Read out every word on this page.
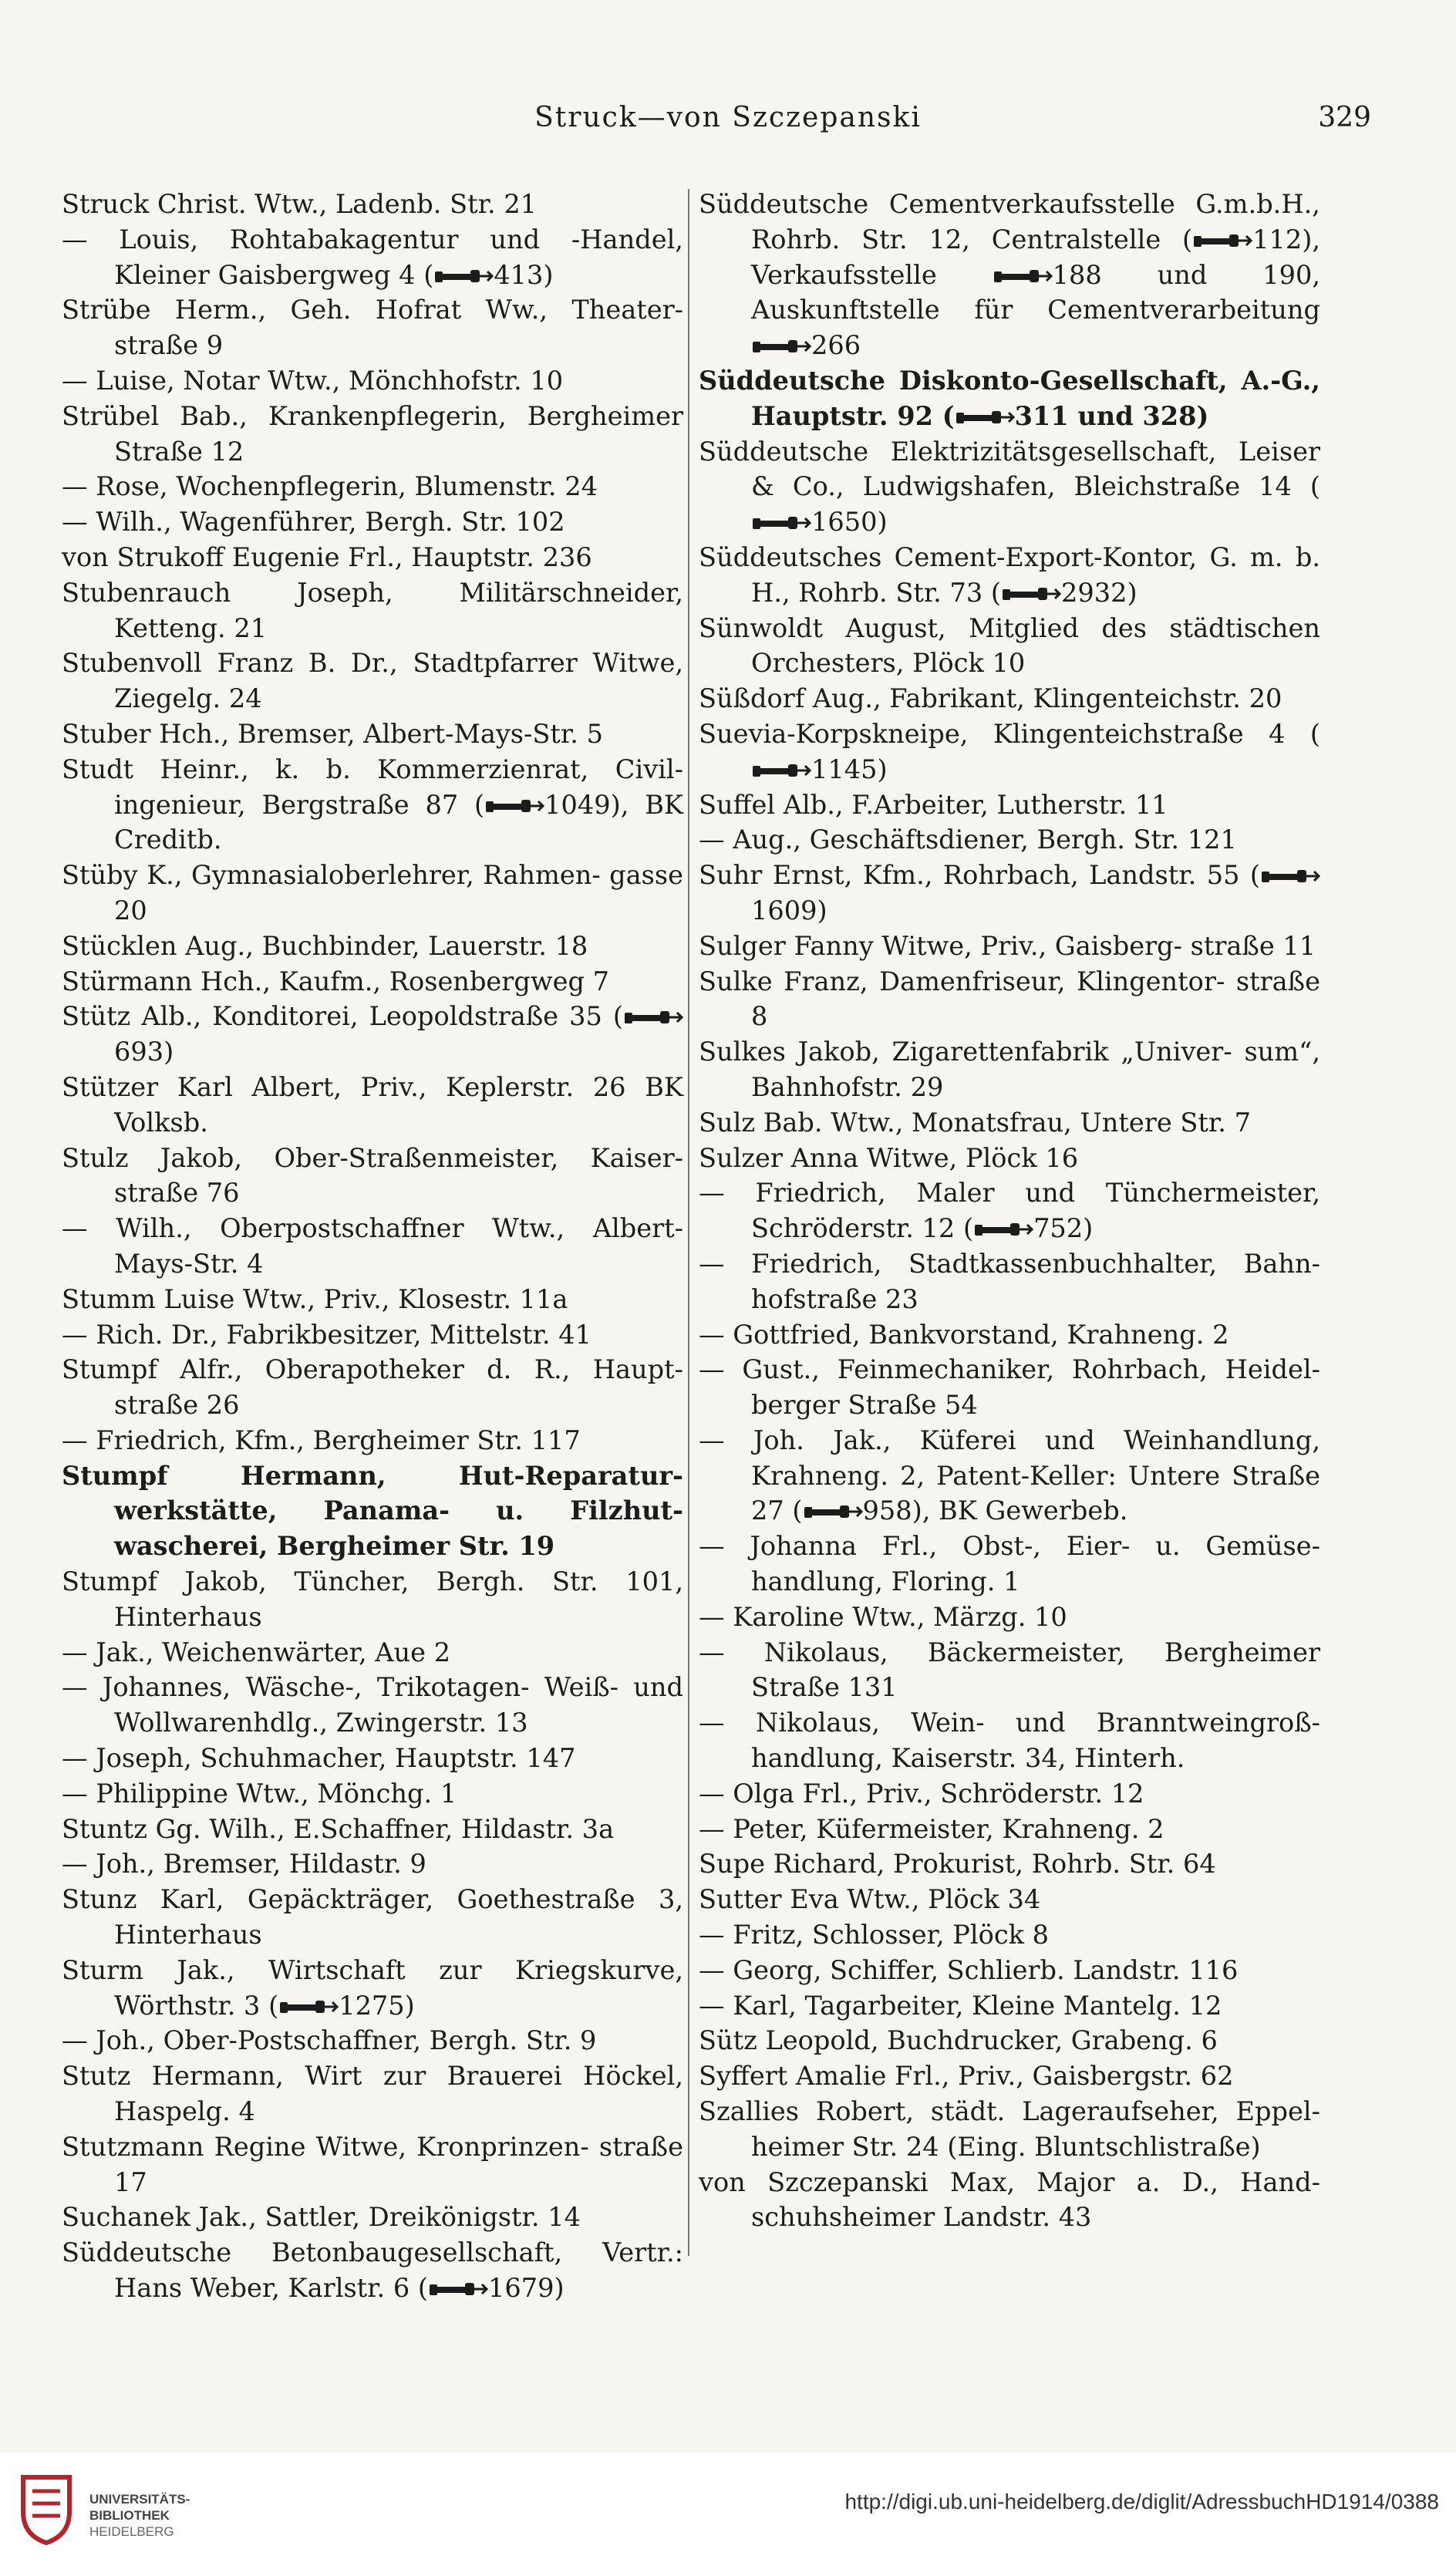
Struck—von Szczepanski	329
Struck Christ. Wtw., Ladenb. Str. 21
— Louis, Rohtabakagentur und -Handel, Kleiner Gaisbergweg 4 ( 413)
Strübe Herm., Geh. Hofrat Ww., Theater- straße 9
— Luise, Notar Wtw., Mönchhofstr. 10
Strübel Bab., Krankenpflegerin, Bergheimer Straße 12
— Rose, Wochenpflegerin, Blumenstr. 24
— Wilh., Wagenführer, Bergh. Str. 102
von Strukoff Eugenie Frl., Hauptstr. 236
Stubenrauch Joseph, Militärschneider, Ketteng. 21
Stubenvoll Franz B. Dr., Stadtpfarrer Witwe, Ziegelg. 24
Stuber Hch., Bremser, Albert-Mays-Str. 5
Studt Heinr., k. b. Kommerzienrat, Civil- ingenieur, Bergstraße 87 ( 1049), BK Creditb.
Stüby K., Gymnasialoberlehrer, Rahmen- gasse 20
Stücklen Aug., Buchbinder, Lauerstr. 18
Stürmann Hch., Kaufm., Rosenbergweg 7
Stütz Alb., Konditorei, Leopoldstraße 35 (693)
Stützer Karl Albert, Priv., Keplerstr. 26 BK Volksb.
Stulz Jakob, Ober-Straßenmeister, Kaiser- straße 76
— Wilh., Oberpostschaffner Wtw., Albert- Mays-Str. 4
Stumm Luise Wtw., Priv., Klosestr. 11a
— Rich. Dr., Fabrikbesitzer, Mittelstr. 41
Stumpf Alfr., Oberapotheker d. R., Haupt- straße 26
— Friedrich, Kfm., Bergheimer Str. 117
Stumpf Hermann, Hut-Reparatur- werkstätte, Panama- u. Filzhut- wascherei, Bergheimer Str. 19
Stumpf Jakob, Tüncher, Bergh. Str. 101, Hinterhaus
— Jak., Weichenwärter, Aue 2
— Johannes, Wäsche-, Trikotagen- Weiß- und Wollwarenhdlg., Zwingerstr. 13
— Joseph, Schuhmacher, Hauptstr. 147
— Philippine Wtw., Mönchg. 1
Stuntz Gg. Wilh., E.Schaffner, Hildastr. 3a
— Joh., Bremser, Hildastr. 9
Stunz Karl, Gepäckträger, Goethestraße 3, Hinterhaus
Sturm Jak., Wirtschaft zur Kriegskurve, Wörthstr. 3 ( 1275)
— Joh., Ober-Postschaffner, Bergh. Str. 9
Stutz Hermann, Wirt zur Brauerei Höckel, Haspelg. 4
Stutzmann Regine Witwe, Kronprinzen- straße 17
Suchanek Jak., Sattler, Dreikönigstr. 14
Süddeutsche Betonbaugesellschaft, Vertr.: Hans Weber, Karlstr. 6 ( 1679)
Süddeutsche Cementverkaufsstelle G.m.b.H., Rohrb. Str. 12, Centralstelle ( 112), Verkaufsstelle 188 und 190, Auskunftstelle für Cementverarbeitung 266
Süddeutsche Diskonto-Gesellschaft, A.-G., Hauptstr. 92 ( 311 und 328)
Süddeutsche Elektrizitätsgesellschaft, Leiser & Co., Ludwigshafen, Bleichstraße 14 (1650)
Süddeutsches Cement-Export-Kontor, G. m. b. H., Rohrb. Str. 73 ( 2932)
Sünwoldt August, Mitglied des städtischen Orchesters, Plöck 10
Süßdorf Aug., Fabrikant, Klingenteichstr. 20
Suevia-Korpskneipe, Klingenteichstraße 4 (1145)
Suffel Alb., F.Arbeiter, Lutherstr. 11
— Aug., Geschäftsdiener, Bergh. Str. 121
Suhr Ernst, Kfm., Rohrbach, Landstr. 55 (1609)
Sulger Fanny Witwe, Priv., Gaisberg- straße 11
Sulke Franz, Damenfriseur, Klingentor- straße 8
Sulkes Jakob, Zigarettenfabrik „Univer- sum“, Bahnhofstr. 29
Sulz Bab. Wtw., Monatsfrau, Untere Str. 7
Sulzer Anna Witwe, Plöck 16
— Friedrich, Maler und Tünchermeister, Schröderstr. 12 ( 752)
— Friedrich, Stadtkassenbuchhalter, Bahn- hofstraße 23
— Gottfried, Bankvorstand, Krahneng. 2
— Gust., Feinmechaniker, Rohrbach, Heidel- berger Straße 54
— Joh. Jak., Küferei und Weinhandlung, Krahneng. 2, Patent-Keller: Untere Straße 27 ( 958), BK Gewerbeb.
— Johanna Frl., Obst-, Eier- u. Gemüse- handlung, Floring. 1
— Karoline Wtw., Märzg. 10
— Nikolaus, Bäckermeister, Bergheimer Straße 131
— Nikolaus, Wein- und Branntweingroß- handlung, Kaiserstr. 34, Hinterh.
— Olga Frl., Priv., Schröderstr. 12
— Peter, Küfermeister, Krahneng. 2
Supe Richard, Prokurist, Rohrb. Str. 64
Sutter Eva Wtw., Plöck 34
— Fritz, Schlosser, Plöck 8
— Georg, Schiffer, Schlierb. Landstr. 116
— Karl, Tagarbeiter, Kleine Mantelg. 12
Sütz Leopold, Buchdrucker, Grabeng. 6
Syffert Amalie Frl., Priv., Gaisbergstr. 62
Szallies Robert, städt. Lageraufseher, Eppel- heimer Str. 24 (Eing. Bluntschlistraße)
von Szczepanski Max, Major a. D., Hand- schuhsheimer Landstr. 43
UNIVERSITÄTS-
BIBLIOTHEK
HEIDELBERG
http://digi.ub.uni-heidelberg.de/diglit/AdressbuchHD1914/0388
